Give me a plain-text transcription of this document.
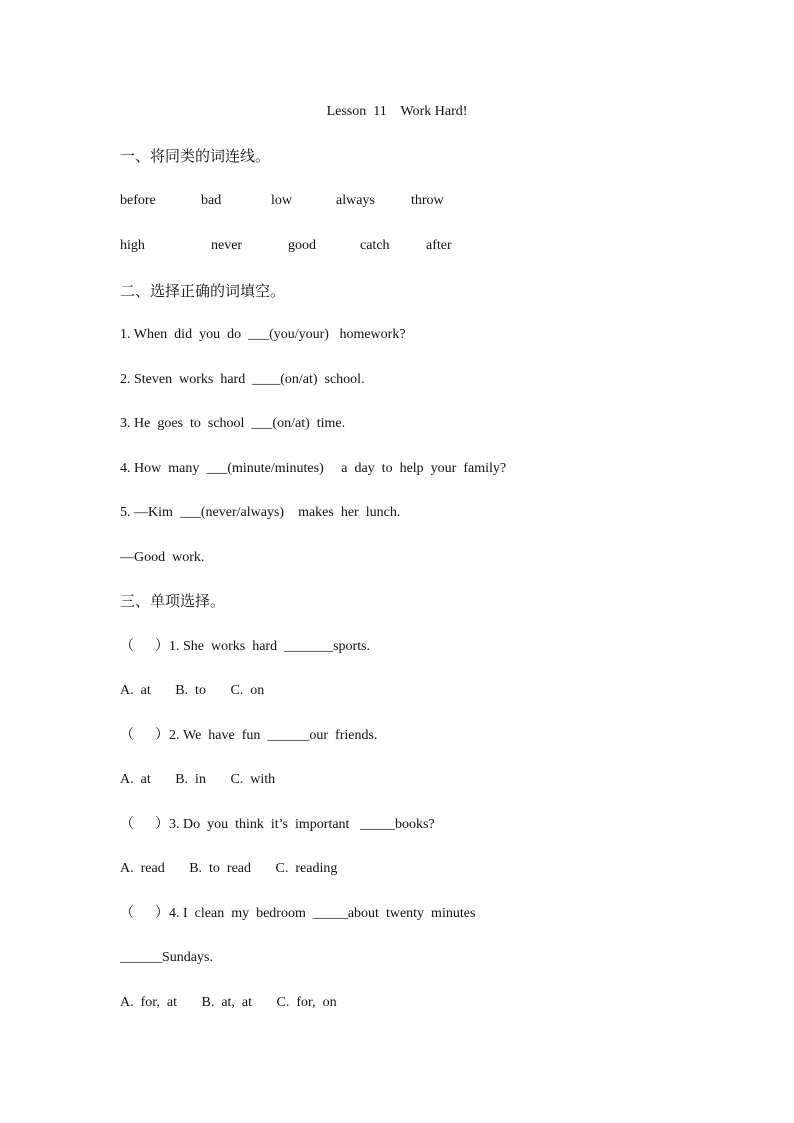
Lesson  11    Work Hard!
一、将同类的词连线。
before	bad	low	always	throw
high	never	good	catch	after
二、选择正确的词填空。
1. When  did  you  do  ___(you/your)   homework?
2. Steven  works  hard  ____(on/at)  school.
3. He  goes  to  school  ___(on/at)  time.
4. How  many  ___(minute/minutes)     a  day  to  help  your  family?
5. —Kim  ___(never/always)    makes  her  lunch.
—Good  work.
三、单项选择。
（      ）1. She  works  hard  _______sports.
A.  at       B.  to       C.  on
（      ）2. We  have  fun  ______our  friends.
A.  at       B.  in       C.  with
（      ）3. Do  you  think  it’s  important   _____books?
A.  read       B.  to  read       C.  reading
（      ）4. I  clean  my  bedroom  _____about  twenty  minutes
______Sundays.
A.  for,  at       B.  at,  at       C.  for,  on
